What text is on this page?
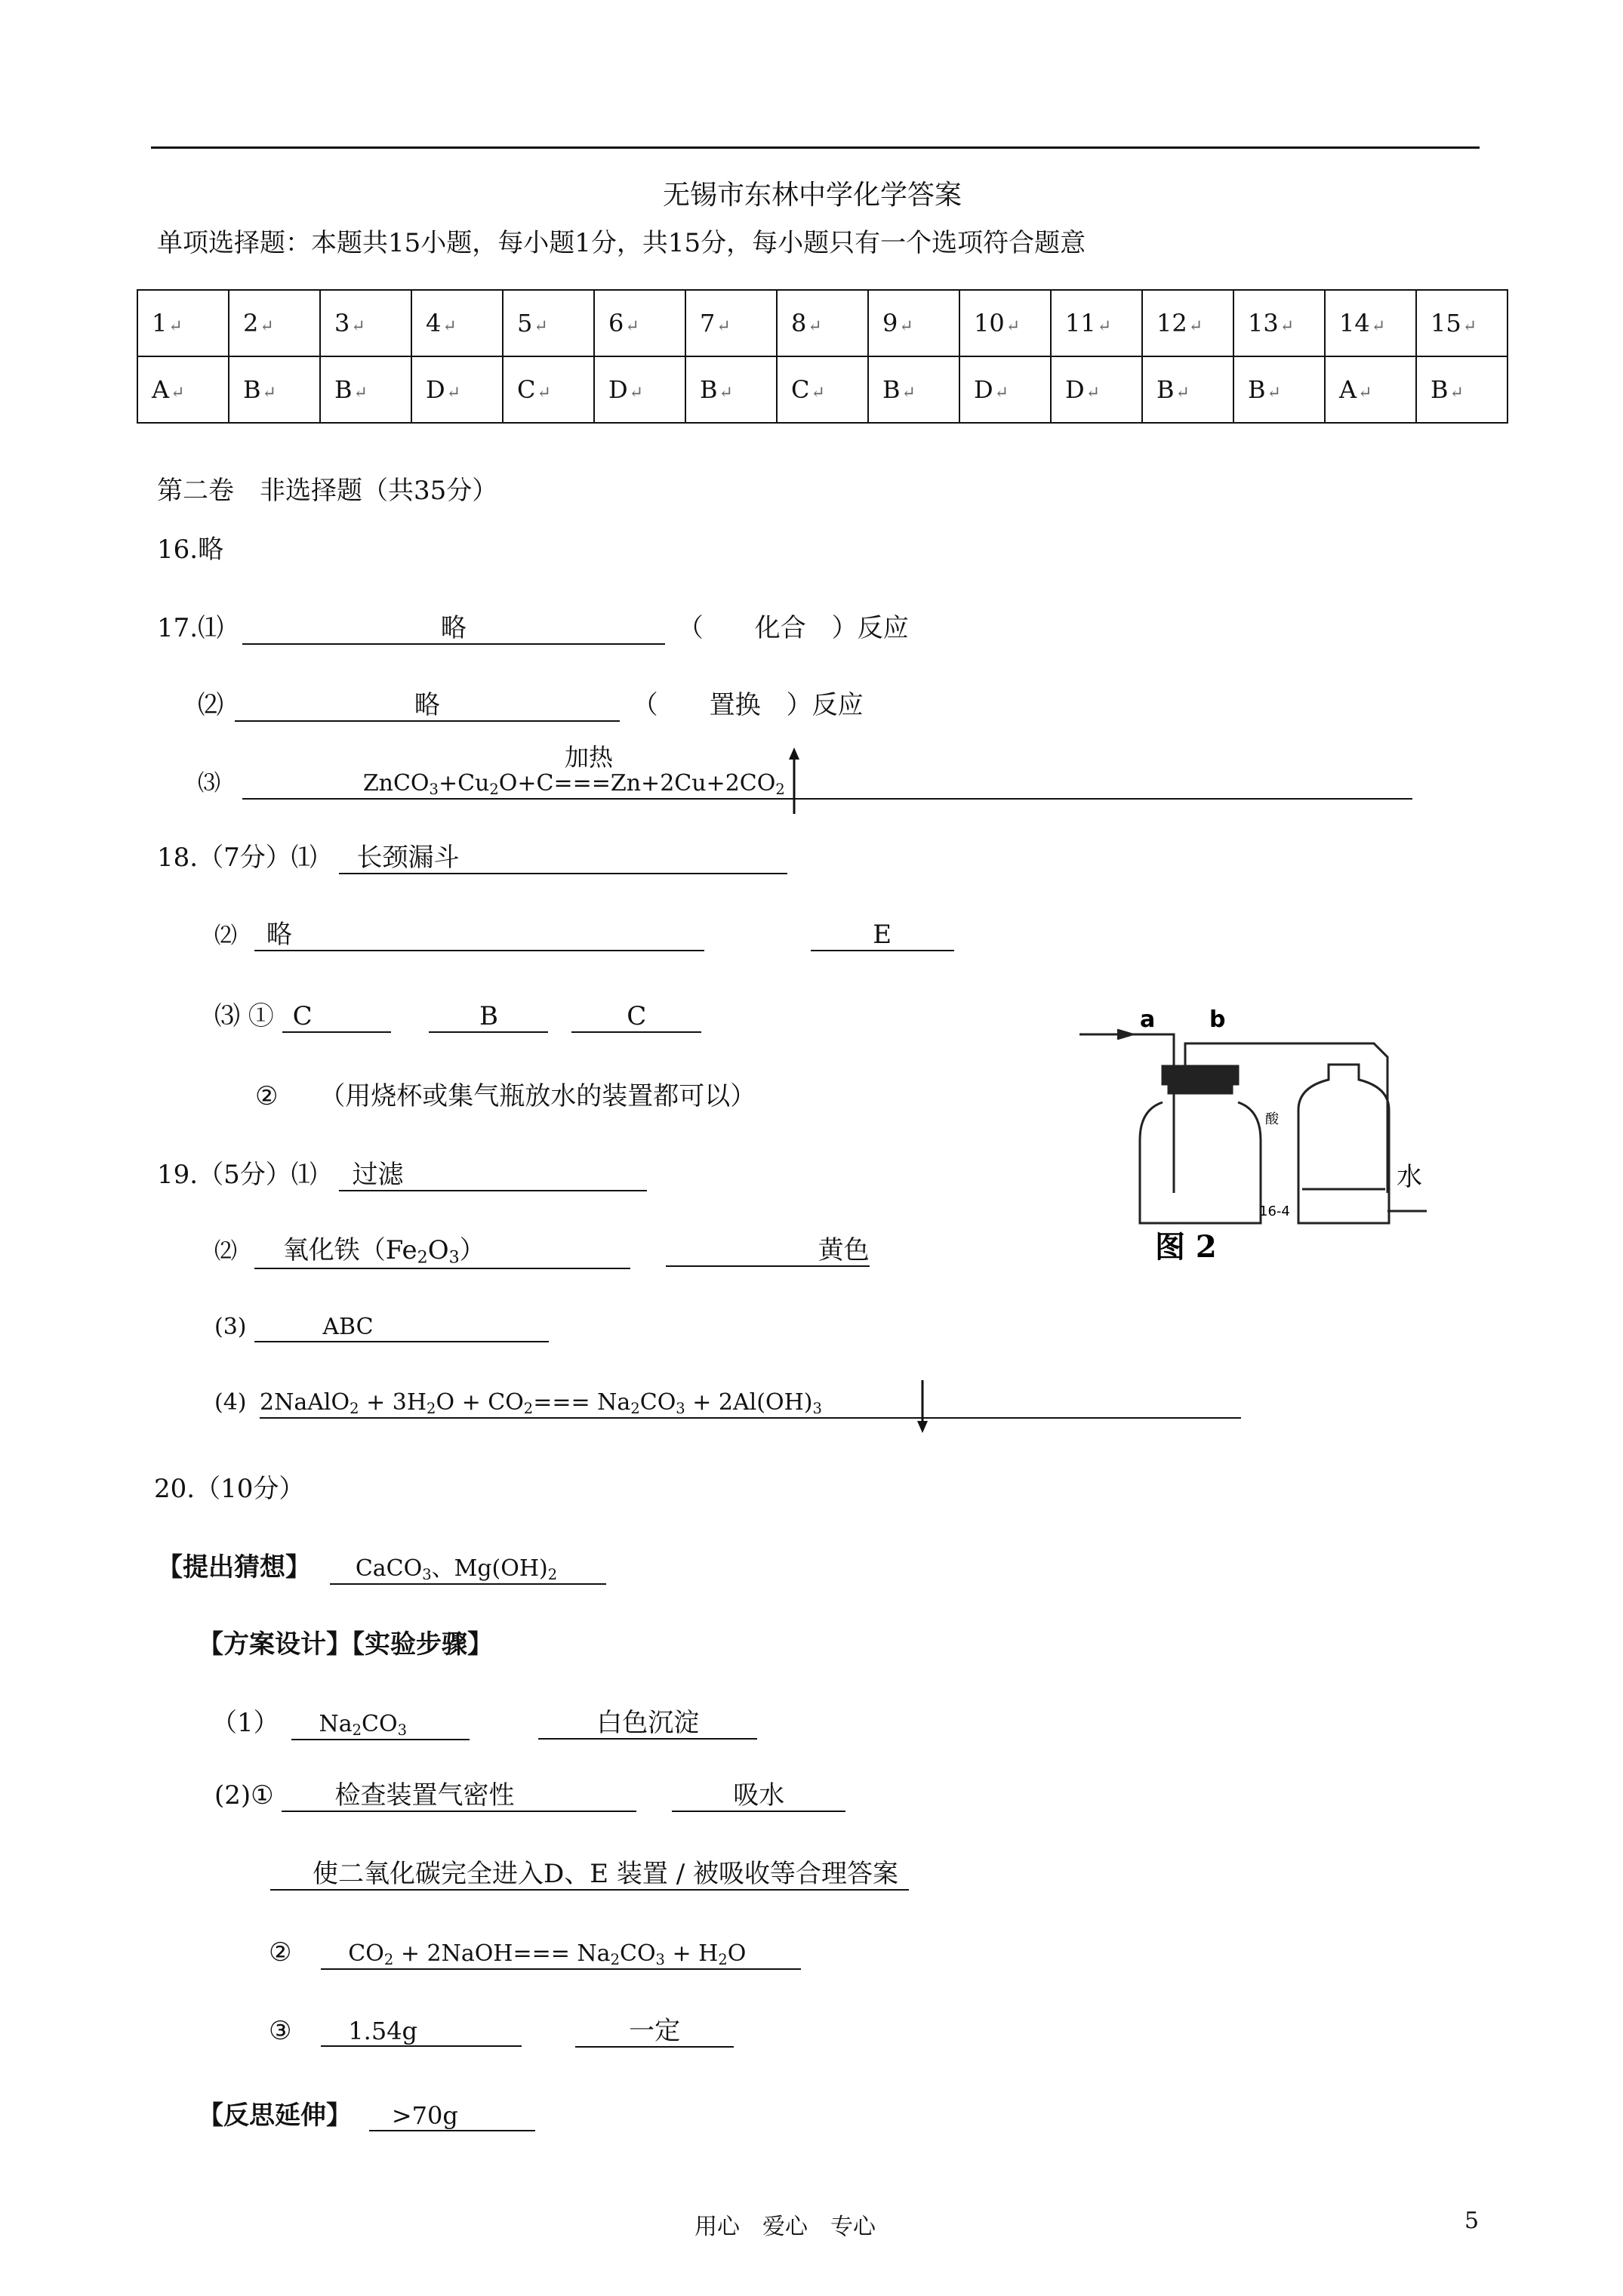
无锡市东林中学化学答案
单项选择题：本题共15小题，每小题1分，共15分，每小题只有一个选项符合题意
1↵	2↵	3↵	4↵	5↵	6↵	7↵	8↵	9↵	10↵	11↵	12↵	13↵	14↵	15↵
A↵	B↵	B↵	D↵	C↵	D↵	B↵	C↵	B↵	D↵	D↵	B↵	B↵	A↵	B↵
第二卷　非选择题（共35分）
16.略
17.⑴	略	（　　化合　）反应
⑵	略	（　　置换　）反应
加热
⑶	$ZnCO_3+Cu_2O+C===Zn+2Cu+2CO_2$
18.（7分）⑴ 长颈漏斗
⑵ 略	E
⑶ ① C	B	C
② （用烧杯或集气瓶放水的装置都可以）
a b
酸
16-4
水
图 2
19.（5分）⑴ 过滤
⑵ 氧化铁$(Fe_2O_3)$	黄色
(3)	ABC
(4) 2NaAlO$_2$ + $3H_2O + CO_2=== Na_2CO_3 + 2Al(OH)_3$
20.（10分）
【提出猜想】 CaCO$_3$、$Mg(OH)_2$
【方案设计】【实验步骤】
（1） $Na_2CO_3$	白色沉淀
(2)① 检查装置气密性	吸水
使二氧化碳完全进入D、E 装置 / 被吸收等合理答案
② $CO_2$ + 2NaOH=== $Na_2CO_3 + H_2O$
③ 1.54g	一定
【反思延伸】 >70g
用心　爱心　专心	5
